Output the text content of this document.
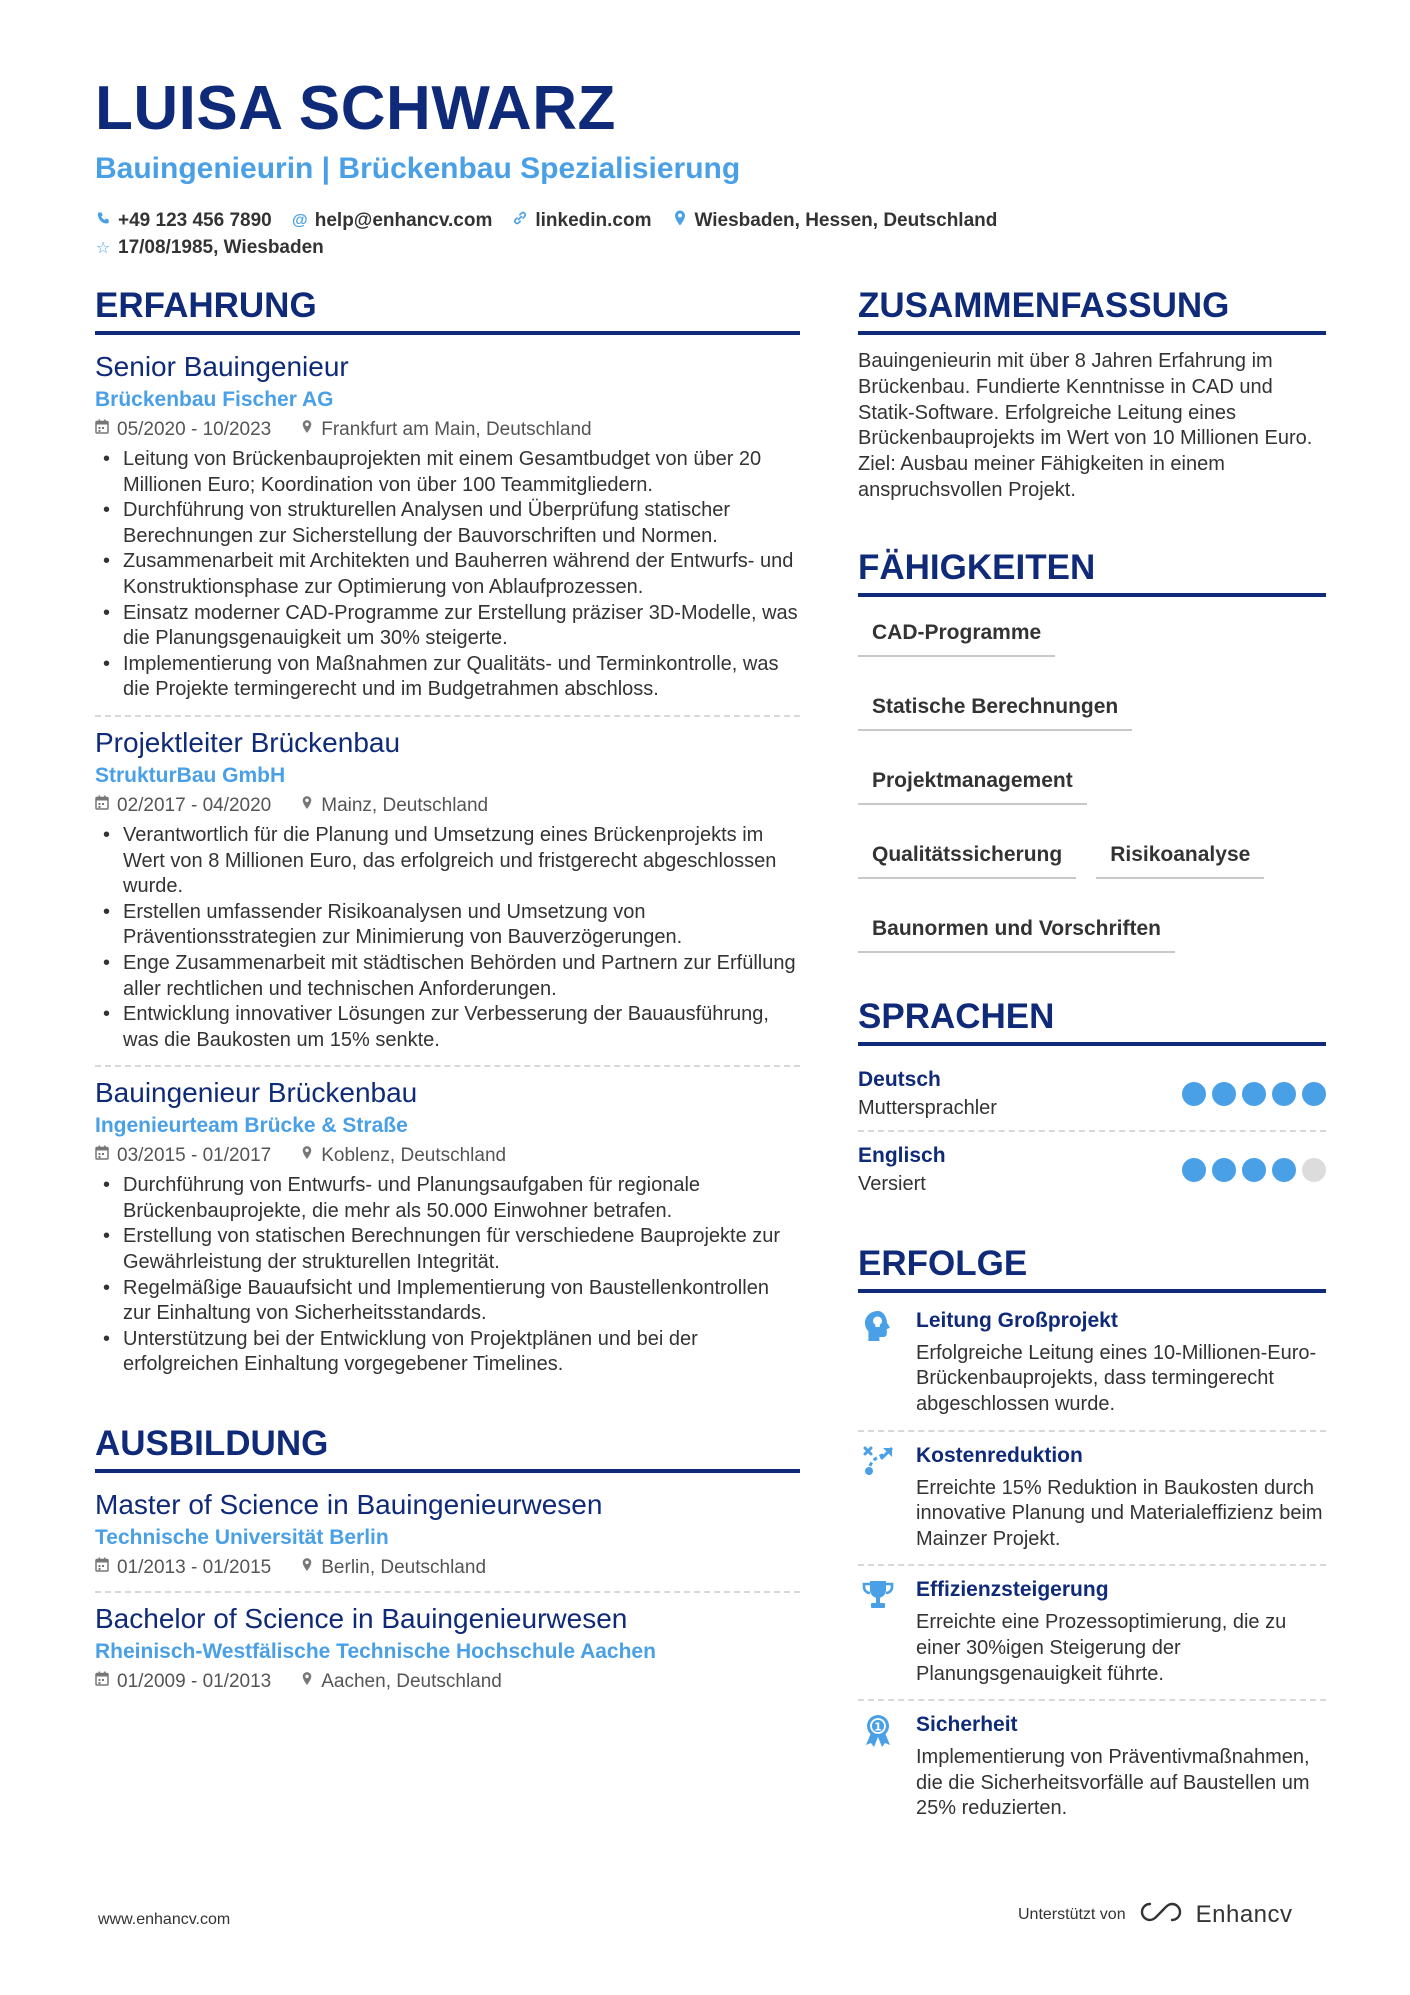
LUISA SCHWARZ
Bauingenieurin | Brückenbau Spezialisierung
+49 123 456 7890 @ help@enhancv.com linkedin.com Wiesbaden, Hessen, Deutschland
☆ 17/08/1985, Wiesbaden
ERFAHRUNG
Senior Bauingenieur
Brückenbau Fischer AG
05/2020 - 10/2023	Frankfurt am Main, Deutschland
• Leitung von Brückenbauprojekten mit einem Gesamtbudget von über 20 Millionen Euro; Koordination von über 100 Teammitgliedern.
• Durchführung von strukturellen Analysen und Überprüfung statischer Berechnungen zur Sicherstellung der Bauvorschriften und Normen.
• Zusammenarbeit mit Architekten und Bauherren während der Entwurfs- und Konstruktionsphase zur Optimierung von Ablaufprozessen.
• Einsatz moderner CAD-Programme zur Erstellung präziser 3D-Modelle, was die Planungsgenauigkeit um 30% steigerte.
• Implementierung von Maßnahmen zur Qualitäts- und Terminkontrolle, was die Projekte termingerecht und im Budgetrahmen abschloss.
Projektleiter Brückenbau
StrukturBau GmbH
02/2017 - 04/2020	Mainz, Deutschland
• Verantwortlich für die Planung und Umsetzung eines Brückenprojekts im Wert von 8 Millionen Euro, das erfolgreich und fristgerecht abgeschlossen wurde.
• Erstellen umfassender Risikoanalysen und Umsetzung von Präventionsstrategien zur Minimierung von Bauverzögerungen.
• Enge Zusammenarbeit mit städtischen Behörden und Partnern zur Erfüllung aller rechtlichen und technischen Anforderungen.
• Entwicklung innovativer Lösungen zur Verbesserung der Bauausführung, was die Baukosten um 15% senkte.
Bauingenieur Brückenbau
Ingenieurteam Brücke & Straße
03/2015 - 01/2017	Koblenz, Deutschland
• Durchführung von Entwurfs- und Planungsaufgaben für regionale Brückenbauprojekte, die mehr als 50.000 Einwohner betrafen.
• Erstellung von statischen Berechnungen für verschiedene Bauprojekte zur Gewährleistung der strukturellen Integrität.
• Regelmäßige Bauaufsicht und Implementierung von Baustellenkontrollen zur Einhaltung von Sicherheitsstandards.
• Unterstützung bei der Entwicklung von Projektplänen und bei der erfolgreichen Einhaltung vorgegebener Timelines.
AUSBILDUNG
Master of Science in Bauingenieurwesen
Technische Universität Berlin
01/2013 - 01/2015	Berlin, Deutschland
Bachelor of Science in Bauingenieurwesen
Rheinisch-Westfälische Technische Hochschule Aachen
01/2009 - 01/2013	Aachen, Deutschland
ZUSAMMENFASSUNG
Bauingenieurin mit über 8 Jahren Erfahrung im Brückenbau. Fundierte Kenntnisse in CAD und Statik-Software. Erfolgreiche Leitung eines Brückenbauprojekts im Wert von 10 Millionen Euro. Ziel: Ausbau meiner Fähigkeiten in einem anspruchsvollen Projekt.
FÄHIGKEITEN
CAD-Programme
Statische Berechnungen
Projektmanagement
Qualitätssicherung	Risikoanalyse
Baunormen und Vorschriften
SPRACHEN
Deutsch
Muttersprachler
Englisch
Versiert
ERFOLGE
Leitung Großprojekt
Erfolgreiche Leitung eines 10-Millionen-Euro-Brückenbauprojekts, dass termingerecht abgeschlossen wurde.
Kostenreduktion
Erreichte 15% Reduktion in Baukosten durch innovative Planung und Materialeffizienz beim Mainzer Projekt.
Effizienzsteigerung
Erreichte eine Prozessoptimierung, die zu einer 30%igen Steigerung der Planungsgenauigkeit führte.
1 Sicherheit
Implementierung von Präventivmaßnahmen, die die Sicherheitsvorfälle auf Baustellen um 25% reduzierten.
www.enhancv.com	Unterstützt von	Enhancv
